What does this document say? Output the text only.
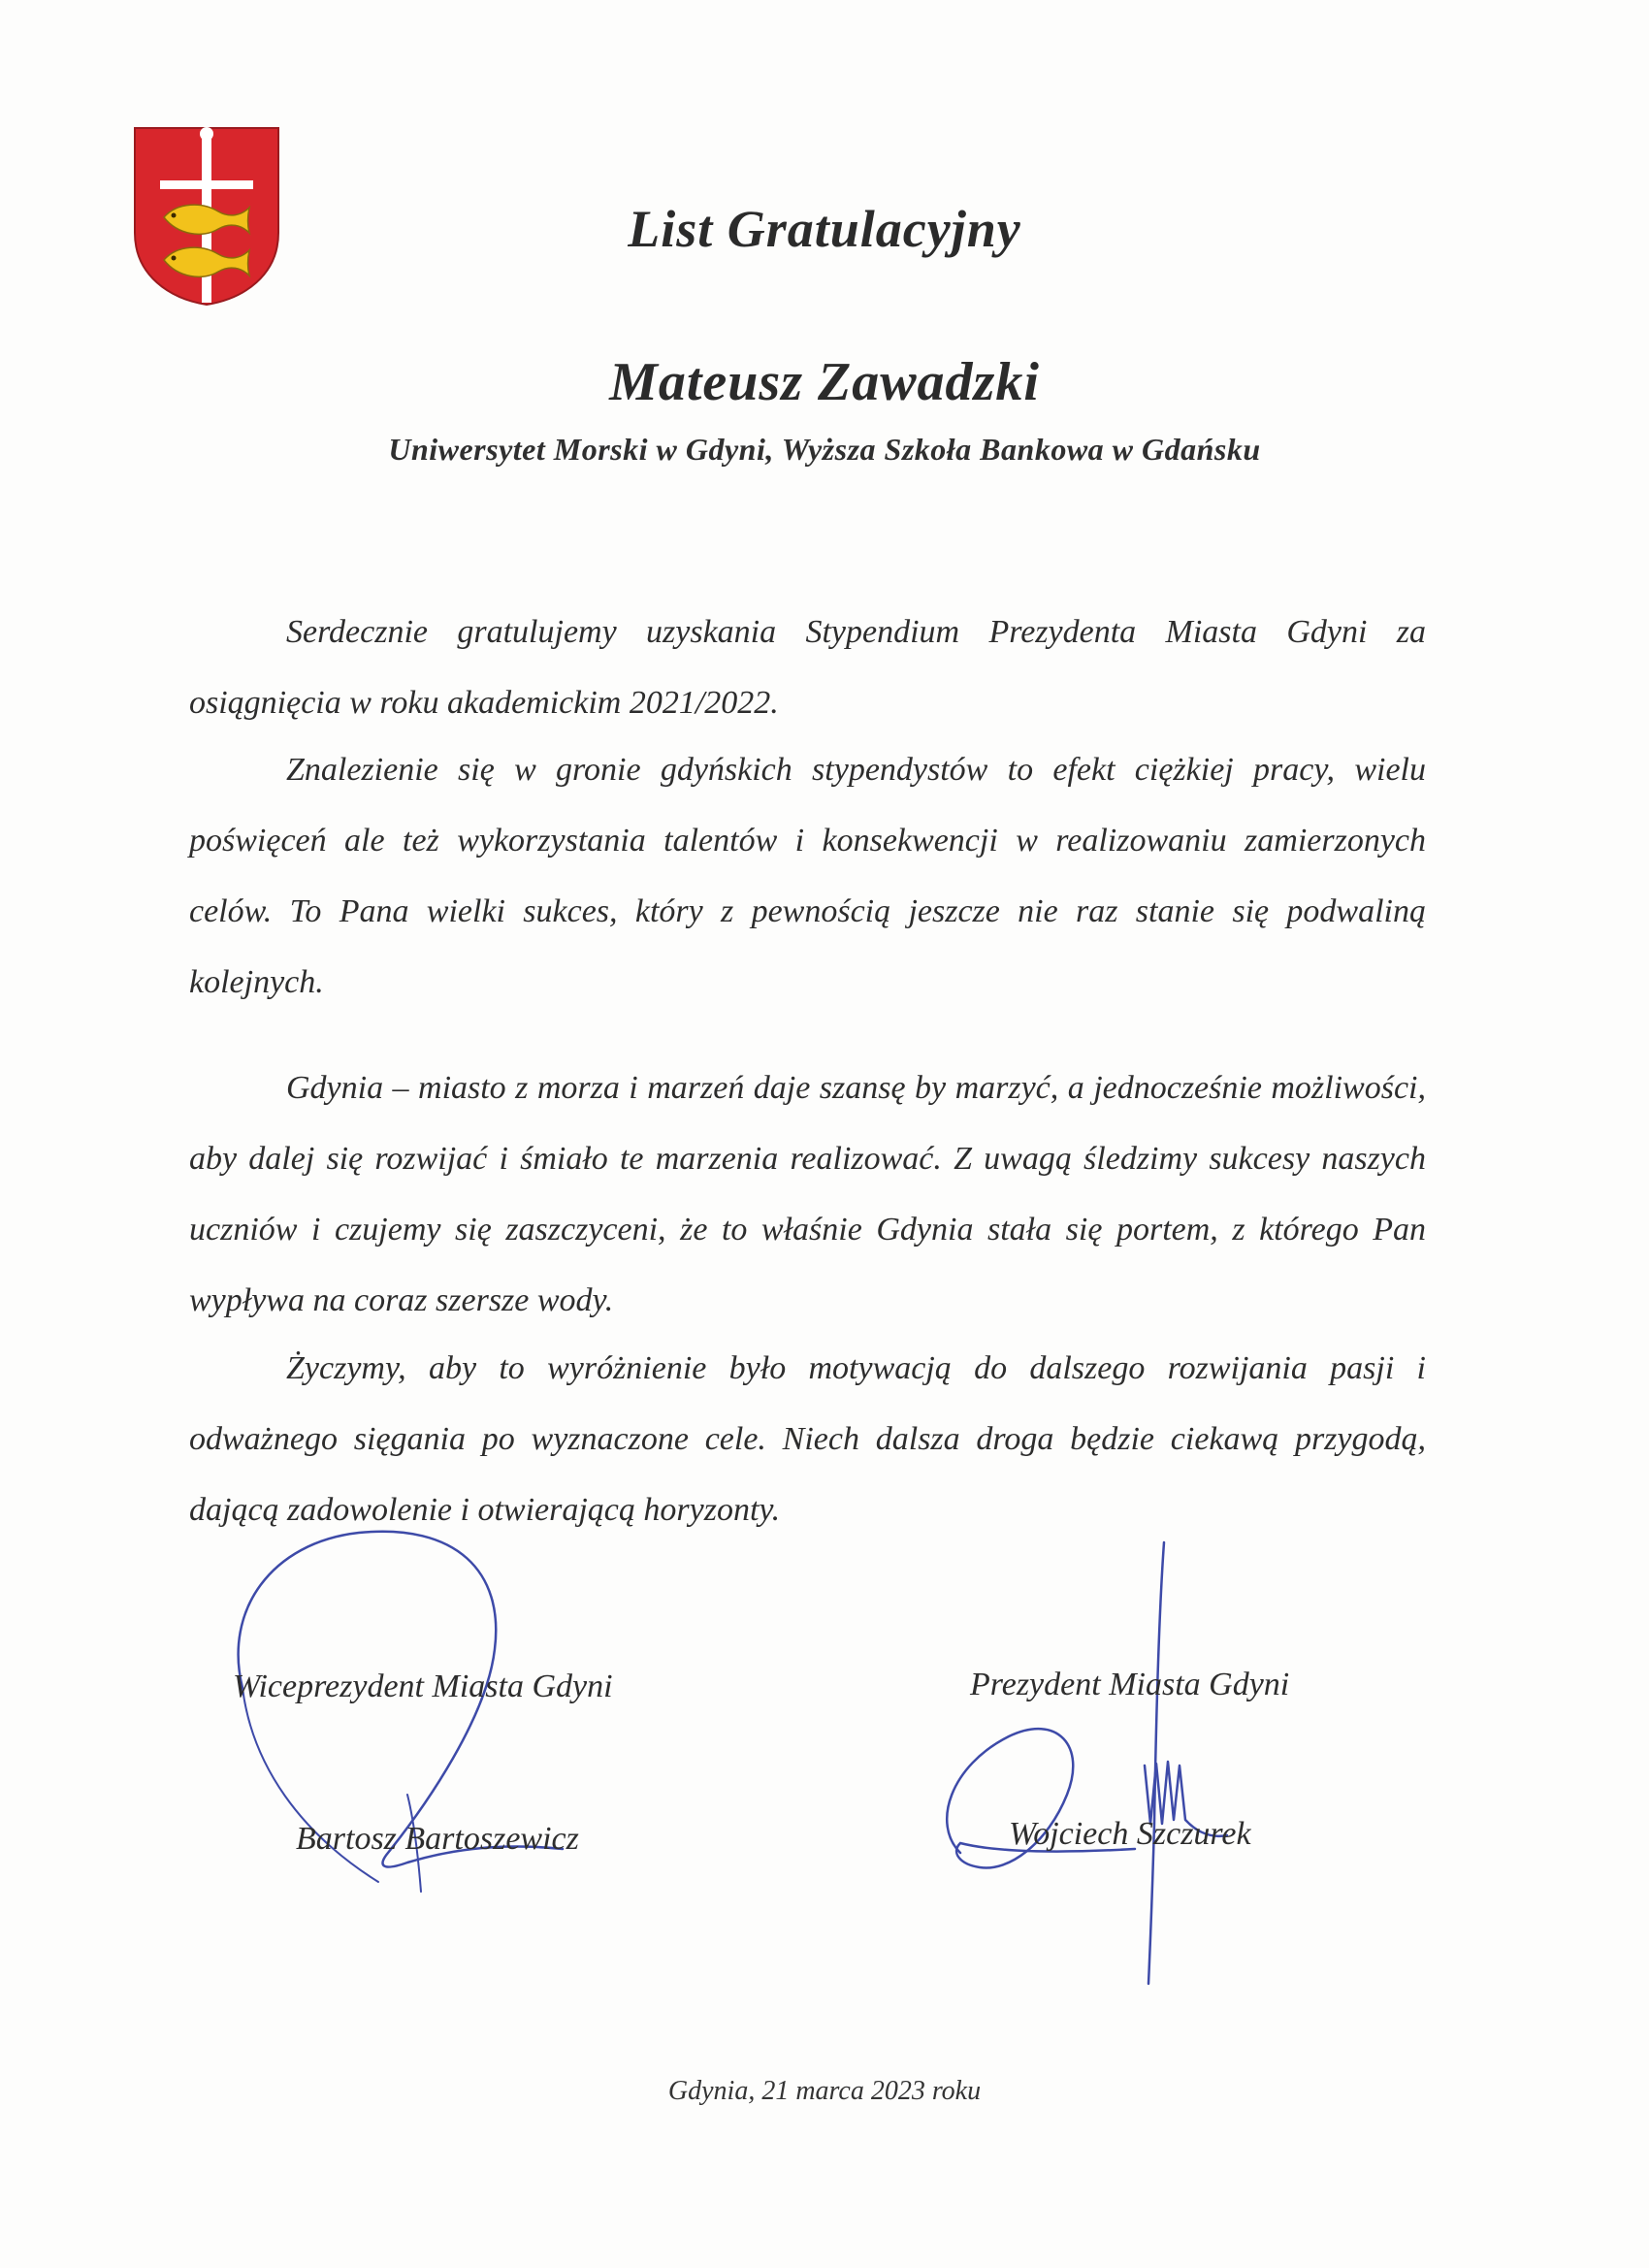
List Gratulacyjny
Mateusz Zawadzki
Uniwersytet Morski w Gdyni, Wyższa Szkoła Bankowa w Gdańsku

Serdecznie gratulujemy uzyskania Stypendium Prezydenta Miasta Gdyni za osiągnięcia w roku akademickim 2021/2022.

Znalezienie się w gronie gdyńskich stypendystów to efekt ciężkiej pracy, wielu poświęceń ale też wykorzystania talentów i konsekwencji w realizowaniu zamierzonych celów. To Pana wielki sukces, który z pewnością jeszcze nie raz stanie się podwaliną kolejnych.

Gdynia – miasto z morza i marzeń daje szansę by marzyć, a jednocześnie możliwości, aby dalej się rozwijać i śmiało te marzenia realizować. Z uwagą śledzimy sukcesy naszych uczniów i czujemy się zaszczyceni, że to właśnie Gdynia stała się portem, z którego Pan wypływa na coraz szersze wody.

Życzymy, aby to wyróżnienie było motywacją do dalszego rozwijania pasji i odważnego sięgania po wyznaczone cele. Niech dalsza droga będzie ciekawą przygodą, dającą zadowolenie i otwierającą horyzonty.

Wiceprezydent Miasta Gdyni
Bartosz Bartoszewicz
Prezydent Miasta Gdyni
Wojciech Szczurek
Gdynia, 21 marca 2023 roku
